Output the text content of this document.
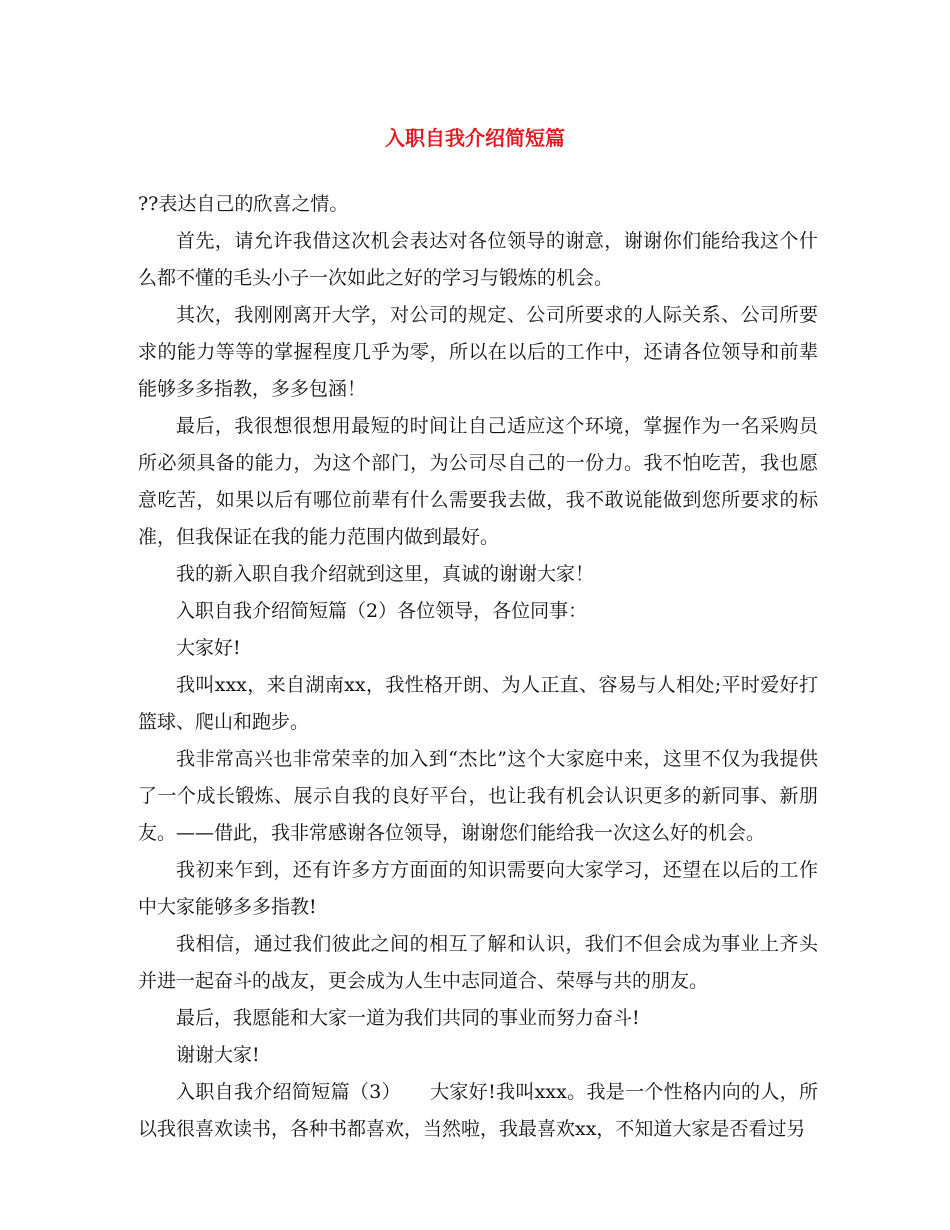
入职自我介绍简短篇

??表达自己的欣喜之情。

首先，请允许我借这次机会表达对各位领导的谢意，谢谢你们能给我这个什么都不懂的毛头小子一次如此之好的学习与锻炼的机会。

其次，我刚刚离开大学，对公司的规定、公司所要求的人际关系、公司所要求的能力等等的掌握程度几乎为零，所以在以后的工作中，还请各位领导和前辈能够多多指教，多多包涵！

最后，我很想很想用最短的时间让自己适应这个环境，掌握作为一名采购员所必须具备的能力，为这个部门，为公司尽自己的一份力。我不怕吃苦，我也愿意吃苦，如果以后有哪位前辈有什么需要我去做，我不敢说能做到您所要求的标准，但我保证在我的能力范围内做到最好。

我的新入职自我介绍就到这里，真诚的谢谢大家！

入职自我介绍简短篇（2）各位领导，各位同事：

大家好!

我叫xxx，来自湖南xx，我性格开朗、为人正直、容易与人相处;平时爱好打篮球、爬山和跑步。

我非常高兴也非常荣幸的加入到“杰比”这个大家庭中来，这里不仅为我提供了一个成长锻炼、展示自我的良好平台，也让我有机会认识更多的新同事、新朋友。——借此，我非常感谢各位领导，谢谢您们能给我一次这么好的机会。

我初来乍到，还有许多方方面面的知识需要向大家学习，还望在以后的工作中大家能够多多指教!

我相信，通过我们彼此之间的相互了解和认识，我们不但会成为事业上齐头并进一起奋斗的战友，更会成为人生中志同道合、荣辱与共的朋友。

最后，我愿能和大家一道为我们共同的事业而努力奋斗!

谢谢大家!

入职自我介绍简短篇（3）　　大家好!我叫xxx。我是一个性格内向的人，所以我很喜欢读书，各种书都喜欢，当然啦，我最喜欢xx，不知道大家是否看过另
